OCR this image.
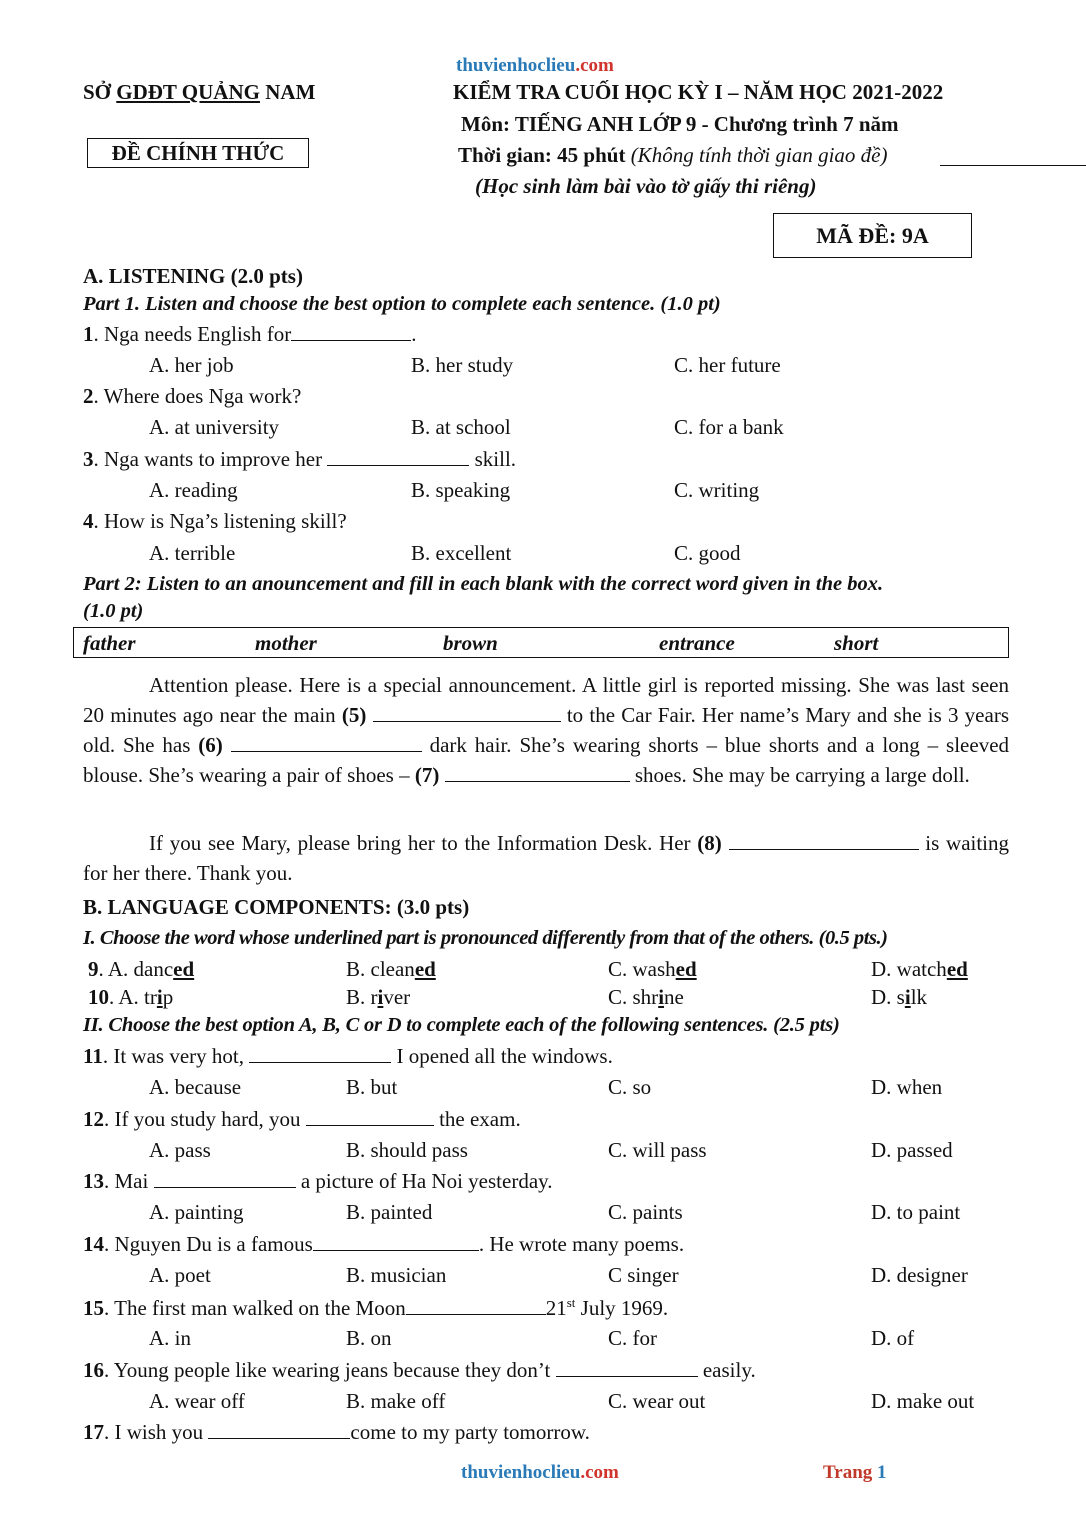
thuvienhoclieu.com
SỞ GDĐT QUẢNG NAM	KIỂM TRA CUỐI HỌC KỲ I – NĂM HỌC 2021-2022
Môn: TIẾNG ANH LỚP 9 - Chương trình 7 năm
ĐỀ CHÍNH THỨC	Thời gian: 45 phút (Không tính thời gian giao đề)
(Học sinh làm bài vào tờ giấy thi riêng)
MÃ ĐỀ: 9A
A. LISTENING (2.0 pts)
Part 1. Listen and choose the best option to complete each sentence. (1.0 pt)
1. Nga needs English for	.
A. her job	B. her study	C. her future
2. Where does Nga work?
A. at university	B. at school	C. for a bank
3. Nga wants to improve her	skill.
A. reading	B. speaking	C. writing
4. How is Nga’s listening skill?
A. terrible	B. excellent	C. good
Part 2: Listen to an anouncement and fill in each blank with the correct word given in the box.
(1.0 pt)
father	mother	brown	entrance	short
Attention please. Here is a special announcement. A little girl is reported missing. She was last seen 20 minutes ago near the main (5)	to the Car Fair. Her name’s Mary and she is 3 years old. She has (6)	dark hair. She’s wearing shorts – blue shorts and a long – sleeved blouse. She’s wearing a pair of shoes – (7)	shoes. She may be carrying a large doll.
If you see Mary, please bring her to the Information Desk. Her (8)	is waiting for her there. Thank you.
B. LANGUAGE COMPONENTS: (3.0 pts)
I. Choose the word whose underlined part is pronounced differently from that of the others. (0.5 pts.)
9. A. danced	B. cleaned	C. washed	D. watched
10. A. trip	B. river	C. shrine	D. silk
II. Choose the best option A, B, C or D to complete each of the following sentences. (2.5 pts)
11. It was very hot,	I opened all the windows.
A. because	B. but	C. so	D. when
12. If you study hard, you	the exam.
A. pass	B. should pass	C. will pass	D. passed
13. Mai	a picture of Ha Noi yesterday.
A. painting	B. painted	C. paints	D. to paint
14. Nguyen Du is a famous	. He wrote many poems.
A. poet	B. musician	C singer	D. designer
15. The first man walked on the Moon	21st July 1969.
A. in	B. on	C. for	D. of
16. Young people like wearing jeans because they don’t	easily.
A. wear off	B. make off	C. wear out	D. make out
17. I wish you	come to my party tomorrow.
thuvienhoclieu.com	Trang 1
